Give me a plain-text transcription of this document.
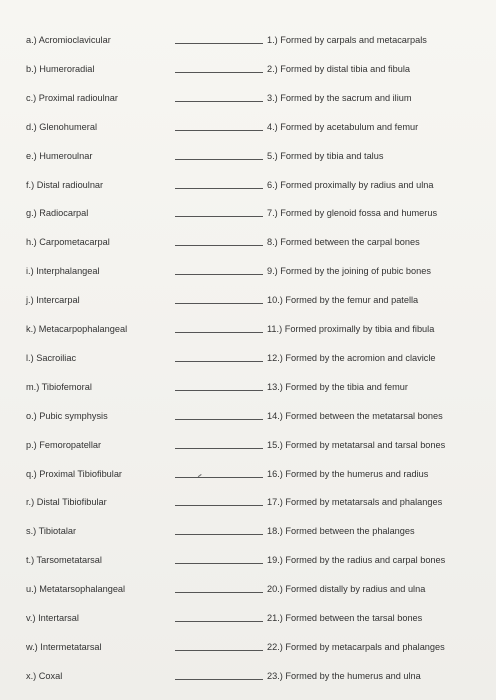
a.) Acromioclavicular	1.) Formed by carpals and metacarpals
b.) Humeroradial	2.) Formed by distal tibia and fibula
c.) Proximal radioulnar	3.) Formed by the sacrum and ilium
d.) Glenohumeral	4.) Formed by acetabulum and femur
e.) Humeroulnar	5.) Formed by tibia and talus
f.) Distal radioulnar	6.) Formed proximally by radius and ulna
g.) Radiocarpal	7.) Formed by glenoid fossa and humerus
h.) Carpometacarpal	8.) Formed between the carpal bones
i.) Interphalangeal	9.) Formed by the joining of pubic bones
j.) Intercarpal	10.) Formed by the femur and patella
k.) Metacarpophalangeal	11.) Formed proximally by tibia and fibula
l.) Sacroiliac	12.) Formed by the acromion and clavicle
m.) Tibiofemoral	13.) Formed by the tibia and femur
o.) Pubic symphysis	14.) Formed between the metatarsal bones
p.) Femoropatellar	15.) Formed by metatarsal and tarsal bones
q.) Proximal Tibiofibular	16.) Formed by the humerus and radius
r.) Distal Tibiofibular	17.) Formed by metatarsals and phalanges
s.) Tibiotalar	18.) Formed between the phalanges
t.) Tarsometatarsal	19.) Formed by the radius and carpal bones
u.) Metatarsophalangeal	20.) Formed distally by radius and ulna
v.) Intertarsal	21.) Formed between the tarsal bones
w.) Intermetatarsal	22.) Formed by metacarpals and phalanges
x.) Coxal	23.) Formed by the humerus and ulna
